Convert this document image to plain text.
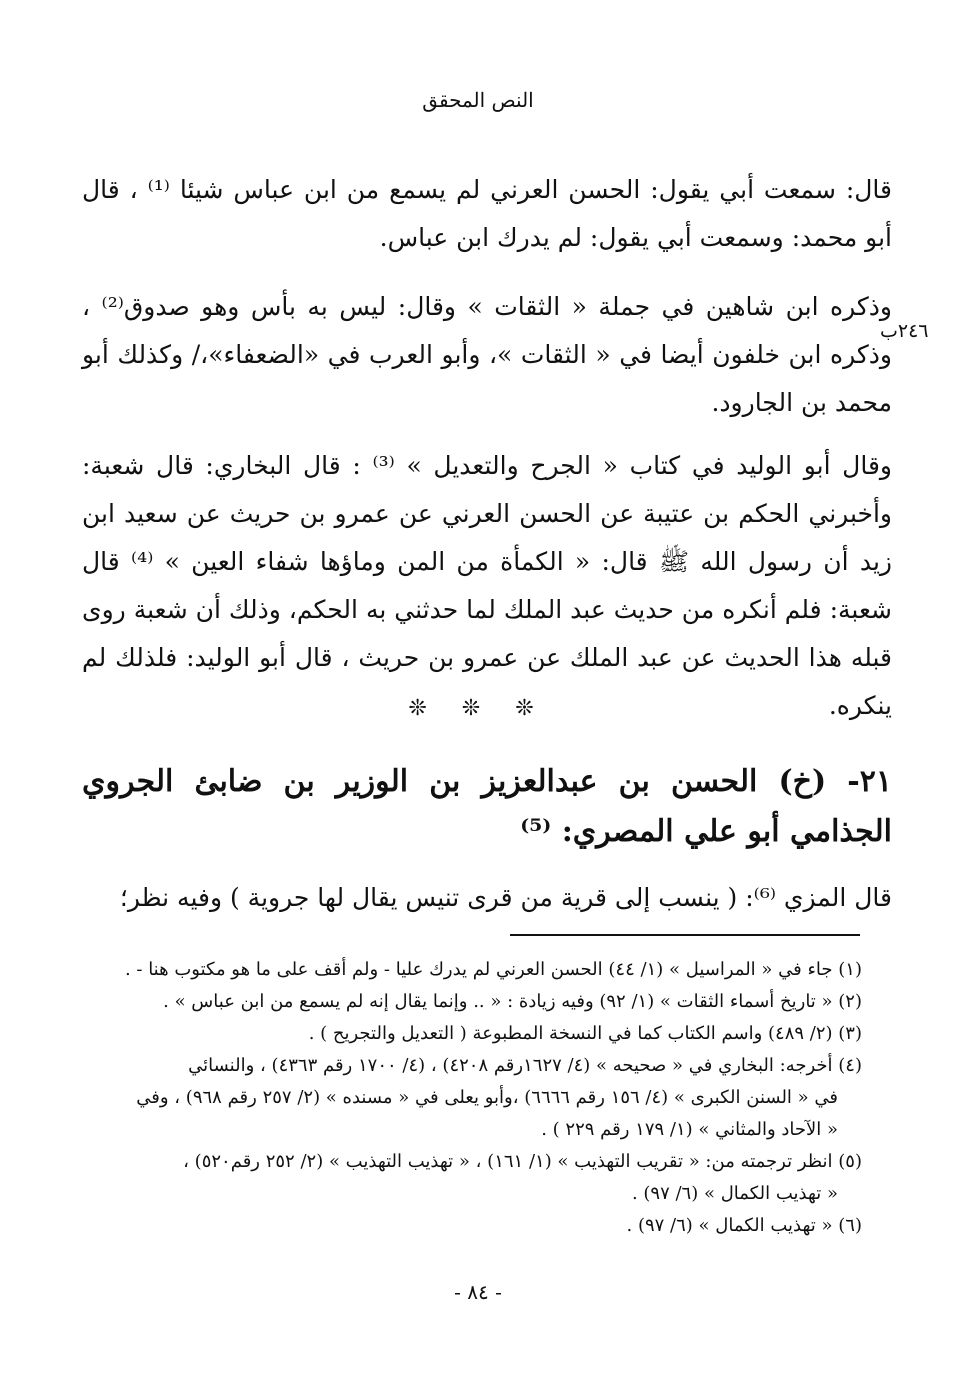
النص المحقق

قال: سمعت أبي يقول: الحسن العرني لم يسمع من ابن عباس شيئا ⁽¹⁾ ، قال أبو محمد: وسمعت أبي يقول: لم يدرك ابن عباس.

وذكره ابن شاهين في جملة « الثقات » وقال: ليس به بأس وهو صدوق⁽²⁾ ، وذكره ابن خلفون أيضا في « الثقات »، وأبو العرب في «الضعفاء»،/ وكذلك أبو محمد بن الجارود.

٢٤٦ب

وقال أبو الوليد في كتاب « الجرح والتعديل » ⁽³⁾ : قال البخاري: قال شعبة: وأخبرني الحكم بن عتيبة عن الحسن العرني عن عمرو بن حريث عن سعيد ابن زيد أن رسول الله ﷺ قال: « الكمأة من المن وماؤها شفاء العين » ⁽⁴⁾ قال شعبة: فلم أنكره من حديث عبد الملك لما حدثني به الحكم، وذلك أن شعبة روى قبله هذا الحديث عن عبد الملك عن عمرو بن حريث ، قال أبو الوليد: فلذلك لم ينكره.

❊ ❊ ❊
٢١- (خ) الحسن بن عبدالعزيز بن الوزير بن ضابئ الجروي الجذامي أبو علي المصري: ⁽⁵⁾
قال المزي ⁽⁶⁾: ( ينسب إلى قرية من قرى تنيس يقال لها جروية ) وفيه نظر؛

(١) جاء في « المراسيل » (١/ ٤٤) الحسن العرني لم يدرك عليا - ولم أقف على ما هو مكتوب هنا - .

(٢) « تاريخ أسماء الثقات » (١/ ٩٢) وفيه زيادة : « .. وإنما يقال إنه لم يسمع من ابن عباس » .

(٣) (٢/ ٤٨٩) واسم الكتاب كما في النسخة المطبوعة ( التعديل والتجريح ) .

(٤) أخرجه: البخاري في « صحيحه » (٤/ ١٦٢٧رقم ٤٢٠٨) ، (٤/ ١٧٠٠ رقم ٤٣٦٣) ، والنسائي

في « السنن الكبرى » (٤/ ١٥٦ رقم ٦٦٦٦) ،وأبو يعلى في « مسنده » (٢/ ٢٥٧ رقم ٩٦٨) ، وفي

« الآحاد والمثاني » (١/ ١٧٩ رقم ٢٢٩ ) .

(٥) انظر ترجمته من: « تقريب التهذيب » (١/ ١٦١) ، « تهذيب التهذيب » (٢/ ٢٥٢ رقم٥٢٠) ،

« تهذيب الكمال » (٦/ ٩٧) .

(٦) « تهذيب الكمال » (٦/ ٩٧) .

- ٨٤ -
